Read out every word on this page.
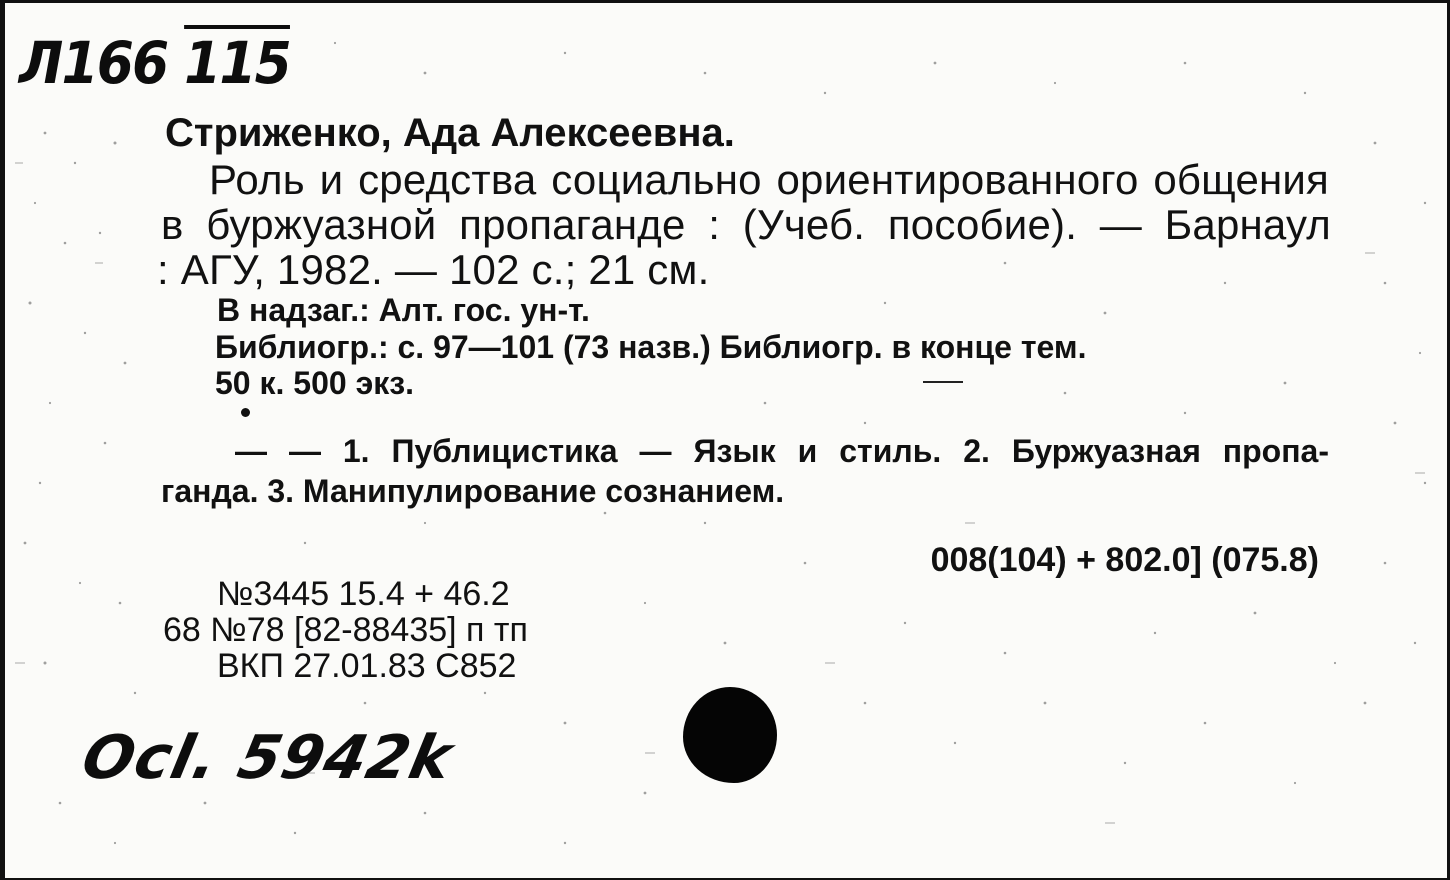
Л166 115
Стриженко, Ада Алексеевна.
Роль и средства социально ориентированного общения
в буржуазной пропаганде : (Учеб. пособие). — Барнаул
: АГУ, 1982. — 102 с.; 21 см.
В надзаг.: Алт. гос. ун-т.
Библиогр.: с. 97—101 (73 назв.) Библиогр. в конце тем.
50 к. 500 экз.
— — 1. Публицистика — Язык и стиль. 2. Буржуазная пропа-
ганда. 3. Манипулирование сознанием.
008(104) + 802.0] (075.8)
№3445 15.4 + 46.2
68 №78 [82-88435] п тп
ВКП 27.01.83 С852
Ocl. 5942k
